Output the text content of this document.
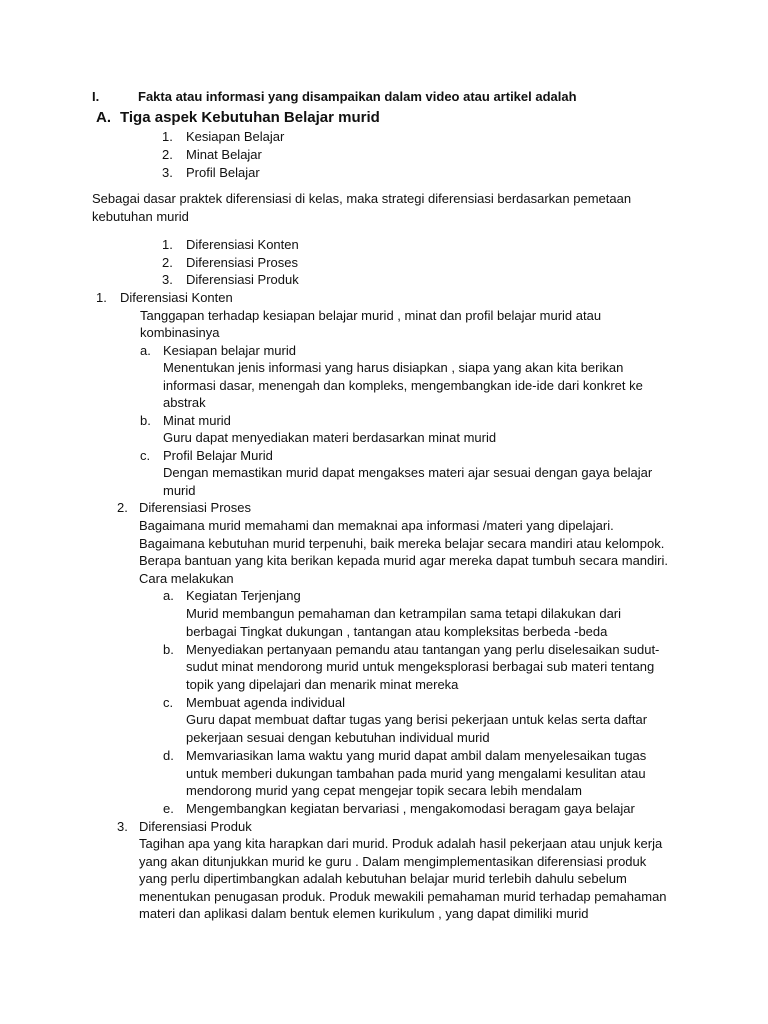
I.	Fakta atau informasi yang disampaikan dalam video atau artikel adalah
A. Tiga aspek Kebutuhan Belajar murid
1. Kesiapan Belajar
2. Minat Belajar
3. Profil Belajar
Sebagai dasar praktek diferensiasi di kelas, maka strategi diferensiasi berdasarkan pemetaan
kebutuhan murid
1. Diferensiasi Konten
2. Diferensiasi Proses
3. Diferensiasi Produk
1. Diferensiasi Konten
Tanggapan terhadap kesiapan belajar murid , minat dan profil belajar murid atau
kombinasinya
a. Kesiapan belajar murid
Menentukan jenis informasi yang harus disiapkan , siapa yang akan kita berikan
informasi dasar, menengah dan kompleks, mengembangkan ide-ide dari konkret ke
abstrak
b. Minat murid
Guru dapat menyediakan materi berdasarkan minat murid
c. Profil Belajar Murid
Dengan memastikan murid dapat mengakses materi ajar sesuai dengan gaya belajar
murid
2. Diferensiasi Proses
Bagaimana murid memahami dan memaknai apa informasi /materi yang dipelajari.
Bagaimana kebutuhan murid terpenuhi, baik mereka belajar secara mandiri atau kelompok.
Berapa bantuan yang kita berikan kepada murid agar mereka dapat tumbuh secara mandiri.
Cara melakukan
a. Kegiatan Terjenjang
Murid membangun pemahaman dan ketrampilan sama tetapi dilakukan dari
berbagai Tingkat dukungan , tantangan atau kompleksitas berbeda -beda
b. Menyediakan pertanyaan pemandu atau tantangan yang perlu diselesaikan sudut-
sudut minat mendorong murid untuk mengeksplorasi berbagai sub materi tentang
topik yang dipelajari dan menarik minat mereka
c. Membuat agenda individual
Guru dapat membuat daftar tugas yang berisi pekerjaan untuk kelas serta daftar
pekerjaan sesuai dengan kebutuhan individual murid
d. Memvariasikan lama waktu yang murid dapat ambil dalam menyelesaikan tugas
untuk memberi dukungan tambahan pada murid yang mengalami kesulitan atau
mendorong murid yang cepat mengejar topik secara lebih mendalam
e. Mengembangkan kegiatan bervariasi , mengakomodasi beragam gaya belajar
3. Diferensiasi Produk
Tagihan apa yang kita harapkan dari murid. Produk adalah hasil pekerjaan atau unjuk kerja
yang akan ditunjukkan murid ke guru . Dalam mengimplementasikan diferensiasi produk
yang perlu dipertimbangkan adalah kebutuhan belajar murid terlebih dahulu sebelum
menentukan penugasan produk. Produk mewakili pemahaman murid terhadap pemahaman
materi dan aplikasi dalam bentuk elemen kurikulum , yang dapat dimiliki murid
